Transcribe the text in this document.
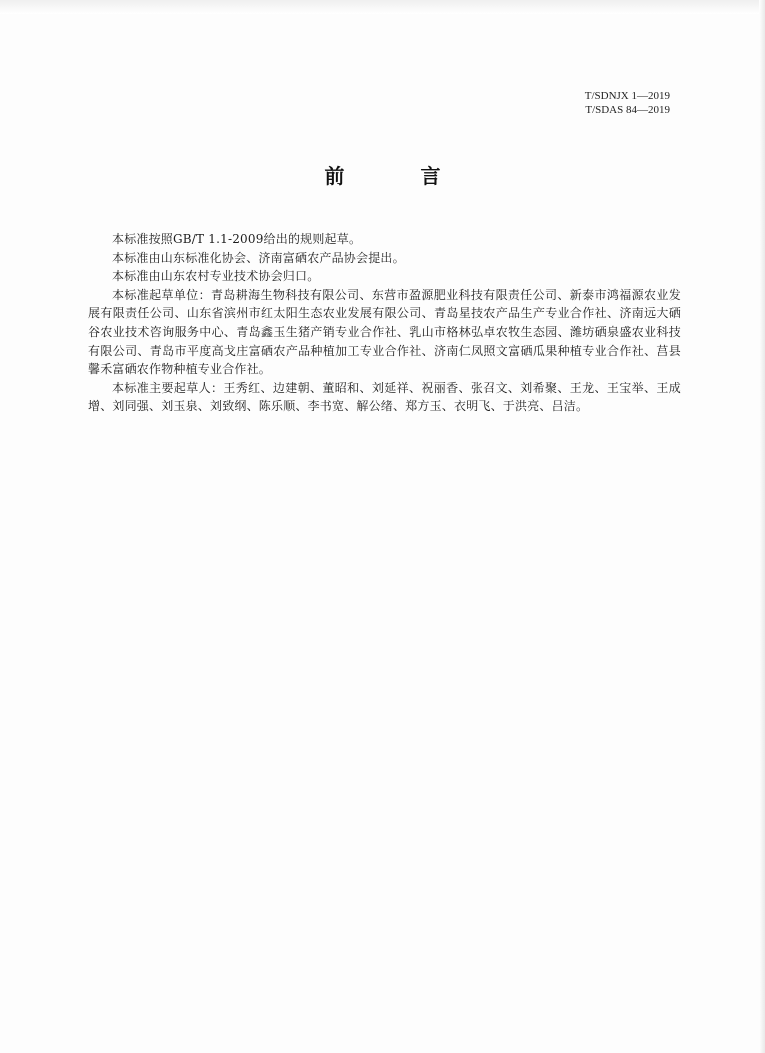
T/SDNJX 1—2019
T/SDAS 84—2019
前　言

本标准按照GB/T 1.1-2009给出的规则起草。

本标准由山东标准化协会、济南富硒农产品协会提出。

本标准由山东农村专业技术协会归口。

本标准起草单位：青岛耕海生物科技有限公司、东营市盈源肥业科技有限责任公司、新泰市鸿福源农业发展有限责任公司、山东省滨州市红太阳生态农业发展有限公司、青岛星技农产品生产专业合作社、济南远大硒谷农业技术咨询服务中心、青岛鑫玉生猪产销专业合作社、乳山市格林弘卓农牧生态园、潍坊硒泉盛农业科技有限公司、青岛市平度高戈庄富硒农产品种植加工专业合作社、济南仁凤照文富硒瓜果种植专业合作社、莒县馨禾富硒农作物种植专业合作社。

本标准主要起草人：王秀红、边建朝、董昭和、刘延祥、祝丽香、张召文、刘希聚、王龙、王宝举、王成增、刘同强、刘玉泉、刘致纲、陈乐顺、李书宽、解公绪、郑方玉、衣明飞、于洪亮、吕洁。
